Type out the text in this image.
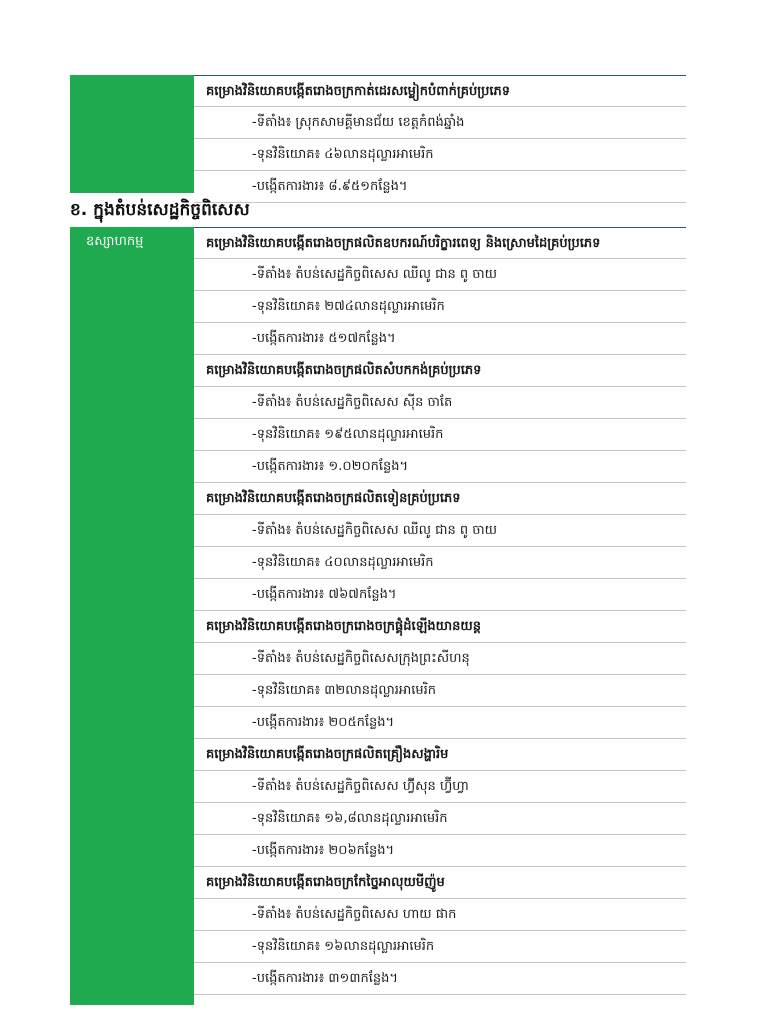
គម្រោងវិនិយោគបង្កើតរោងចក្រកាត់ដេរសម្លៀកបំពាក់គ្រប់ប្រភេទ
-ទីតាំង៖ ស្រុកសាមគ្គីមានជ័យ ខេត្តកំពង់ឆ្នាំង
-ទុនវិនិយោគ៖ ៤៦លានដុល្លារអាមេរិក
-បង្កើតការងារ៖ ៨.៩៥១កន្លែង។
ខ. ក្នុងតំបន់សេដ្ឋកិច្ចពិសេស
ឧស្សាហកម្ម	គម្រោងវិនិយោគបង្កើតរោងចក្រផលិតឧបករណ៍បរិក្ខារពេទ្យ និងស្រោមដៃគ្រប់ប្រភេទ
-ទីតាំង៖ តំបន់សេដ្ឋកិច្ចពិសេស ឈីលូ ជាន ពូ ចាយ
-ទុនវិនិយោគ៖ ២៧៤លានដុល្លារអាមេរិក
-បង្កើតការងារ៖ ៥១៧កន្លែង។
គម្រោងវិនិយោគបង្កើតរោងចក្រផលិតសំបកកង់គ្រប់ប្រភេទ
-ទីតាំង៖ តំបន់សេដ្ឋកិច្ចពិសេស ស៊ីន ចាតែ
-ទុនវិនិយោគ៖ ១៩៥លានដុល្លារអាមេរិក
-បង្កើតការងារ៖ ១.០២០កន្លែង។
គម្រោងវិនិយោគបង្កើតរោងចក្រផលិតទៀនគ្រប់ប្រភេទ
-ទីតាំង៖ តំបន់សេដ្ឋកិច្ចពិសេស ឈីលូ ជាន ពូ ចាយ
-ទុនវិនិយោគ៖ ៤០លានដុល្លារអាមេរិក
-បង្កើតការងារ៖ ៧៦៧កន្លែង។
គម្រោងវិនិយោគបង្កើតរោងចក្ររោងចក្រផ្គុំដំឡើងយានយន្ត
-ទីតាំង៖ តំបន់សេដ្ឋកិច្ចពិសេសក្រុងព្រះសីហនុ
-ទុនវិនិយោគ៖ ៣២លានដុល្លារអាមេរិក
-បង្កើតការងារ៖ ២០៥កន្លែង។
គម្រោងវិនិយោគបង្កើតរោងចក្រផលិតគ្រឿងសង្ហារិម
-ទីតាំង៖ តំបន់សេដ្ឋកិច្ចពិសេស ហ៊្វីសុន ហ្វ៊ីហ្វា
-ទុនវិនិយោគ៖ ១៦,៨លានដុល្លារអាមេរិក
-បង្កើតការងារ៖ ២០៦កន្លែង។
គម្រោងវិនិយោគបង្កើតរោងចក្រកែច្នៃអាលុយមីញ៉ូម
-ទីតាំង៖ តំបន់សេដ្ឋកិច្ចពិសេស ហាយ ផាក
-ទុនវិនិយោគ៖ ១៦លានដុល្លារអាមេរិក
-បង្កើតការងារ៖ ៣១៣កន្លែង។
